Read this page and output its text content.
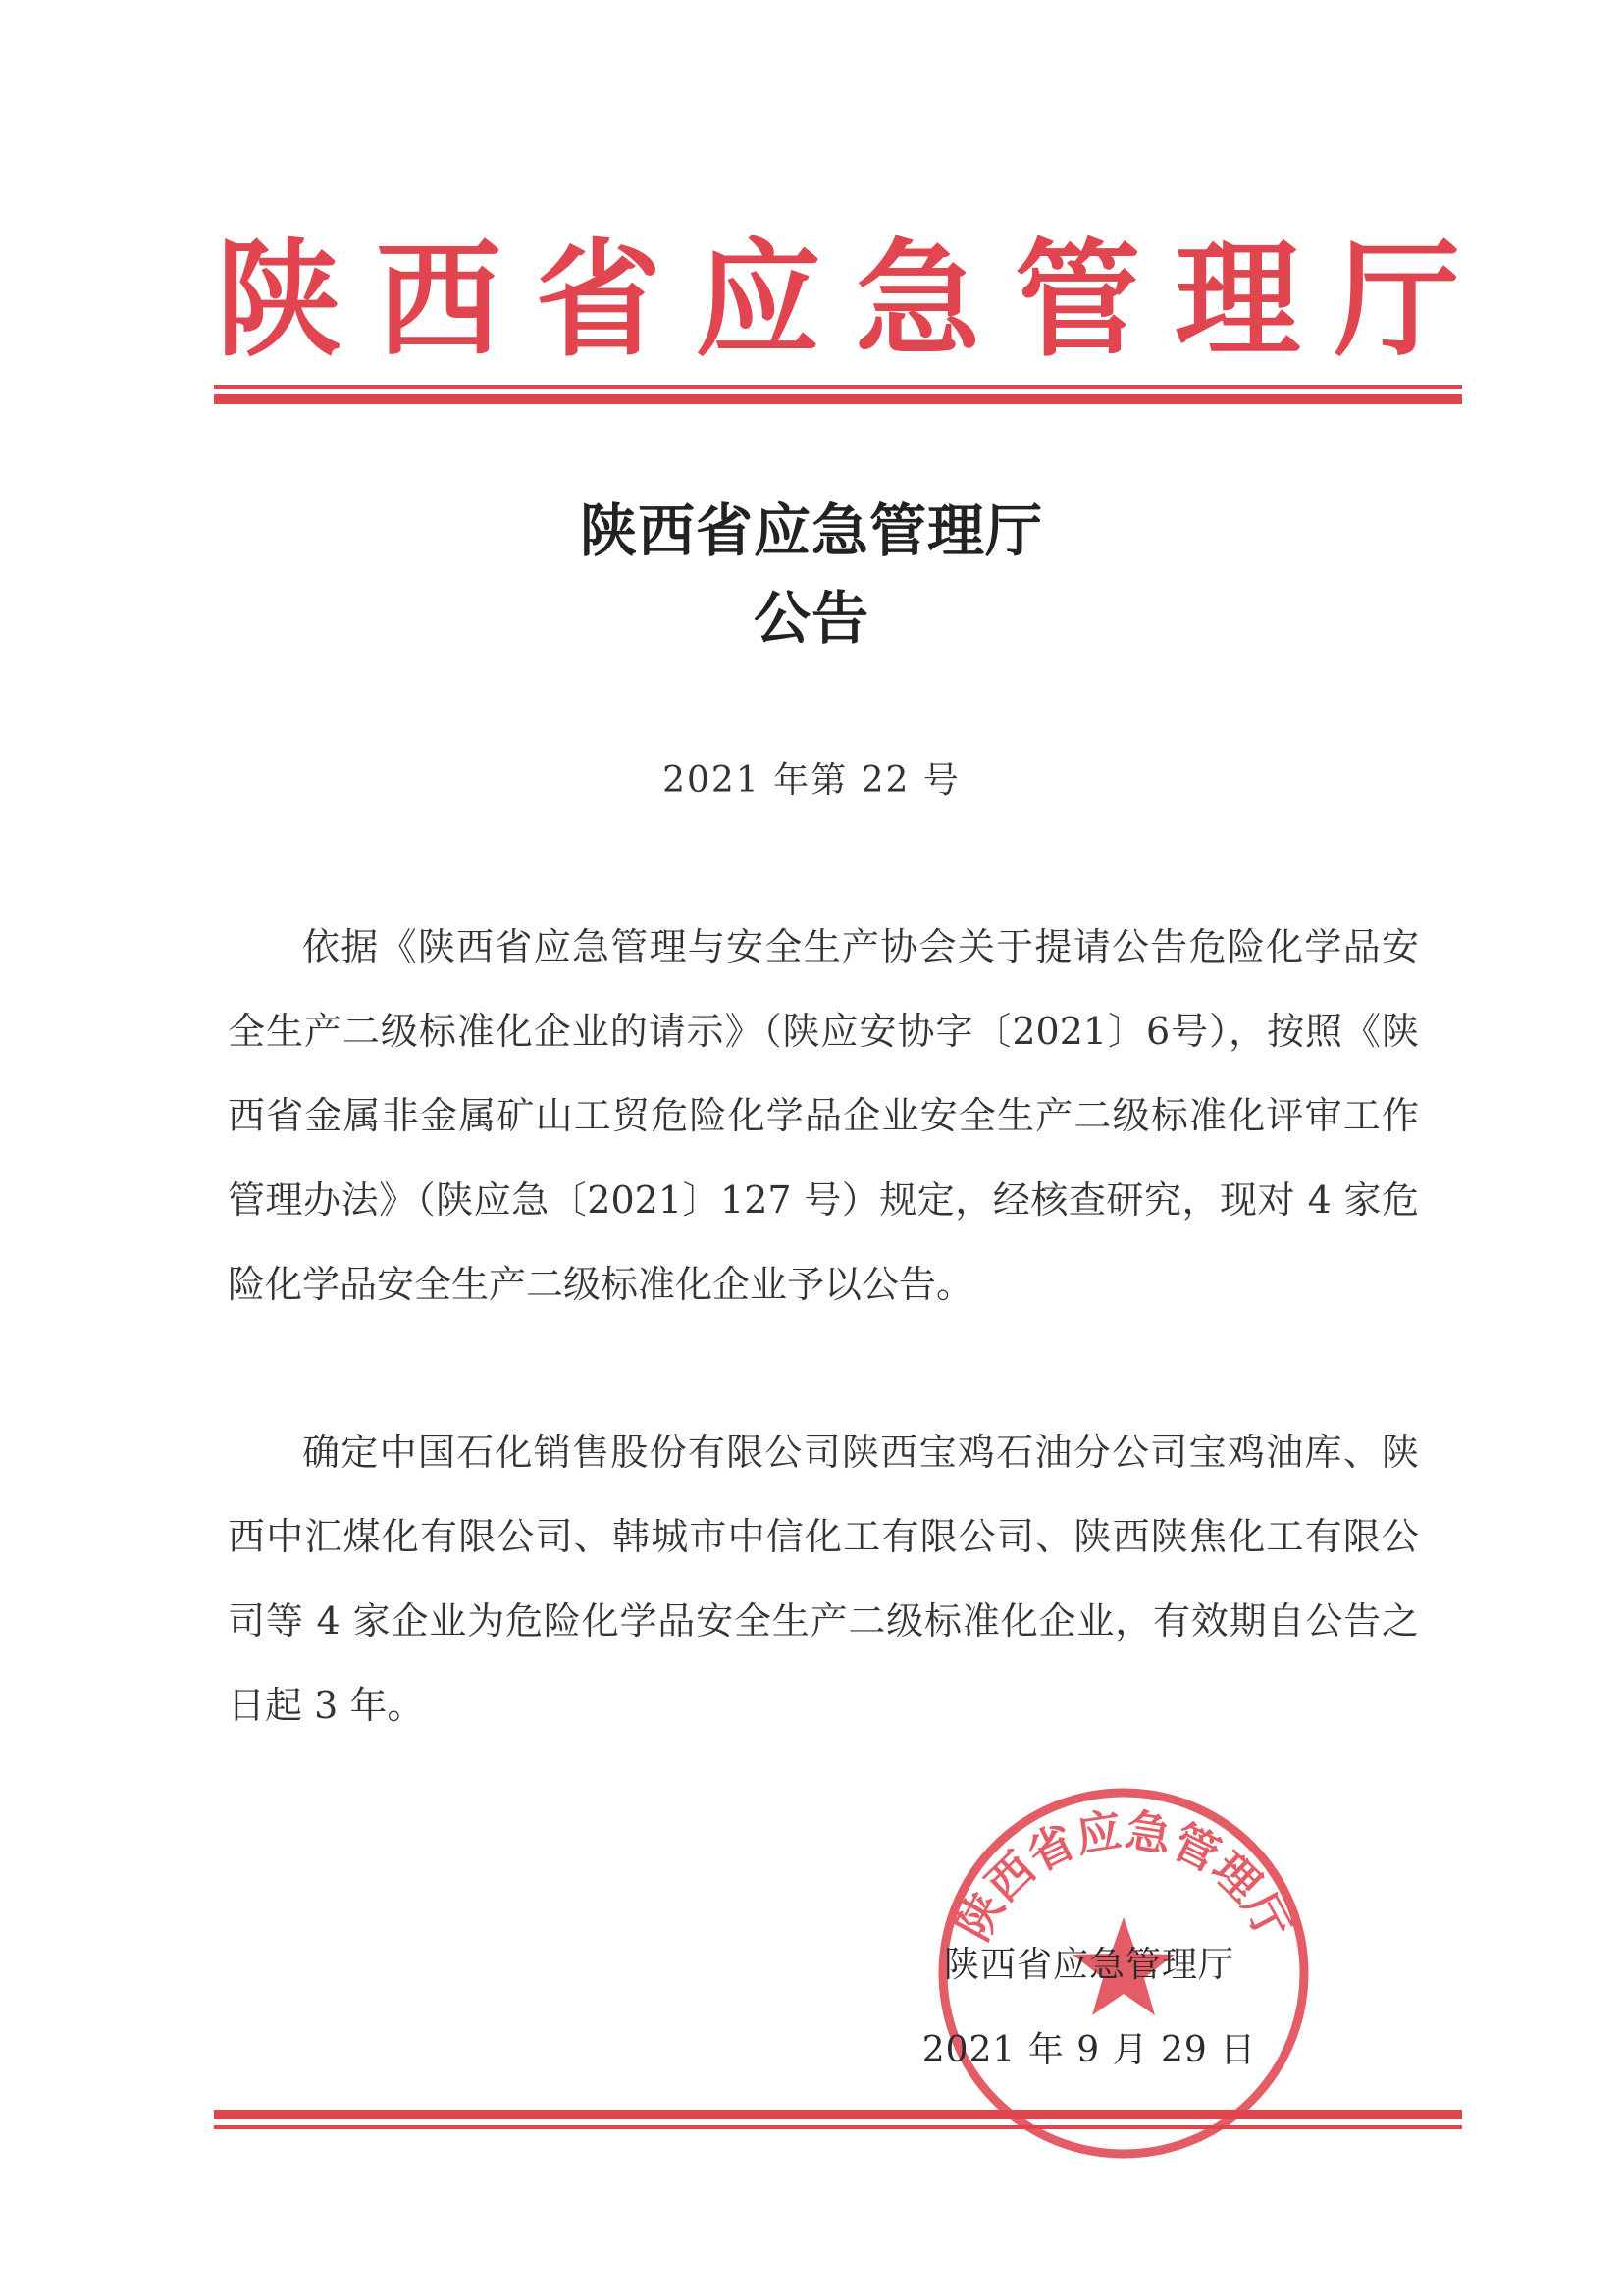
陕 西 省 应 急 管 理 厅
陕西省应急管理厅
公告
2021 年第 22 号

依据《陕西省应急管理与安全生产协会关于提请公告危险化学品安全生产二级标准化企业的请示》（陕应安协字〔2021〕6号），按照《陕西省金属非金属矿山工贸危险化学品企业安全生产二级标准化评审工作管理办法》（陕应急〔2021〕127 号）规定，经核查研究，现对 4 家危险化学品安全生产二级标准化企业予以公告。

确定中国石化销售股份有限公司陕西宝鸡石油分公司宝鸡油库、陕西中汇煤化有限公司、韩城市中信化工有限公司、陕西陕焦化工有限公司等 4 家企业为危险化学品安全生产二级标准化企业，有效期自公告之日起 3 年。

陕西省应急管理厅
陕西省应急管理厅
2021 年 9 月 29 日
